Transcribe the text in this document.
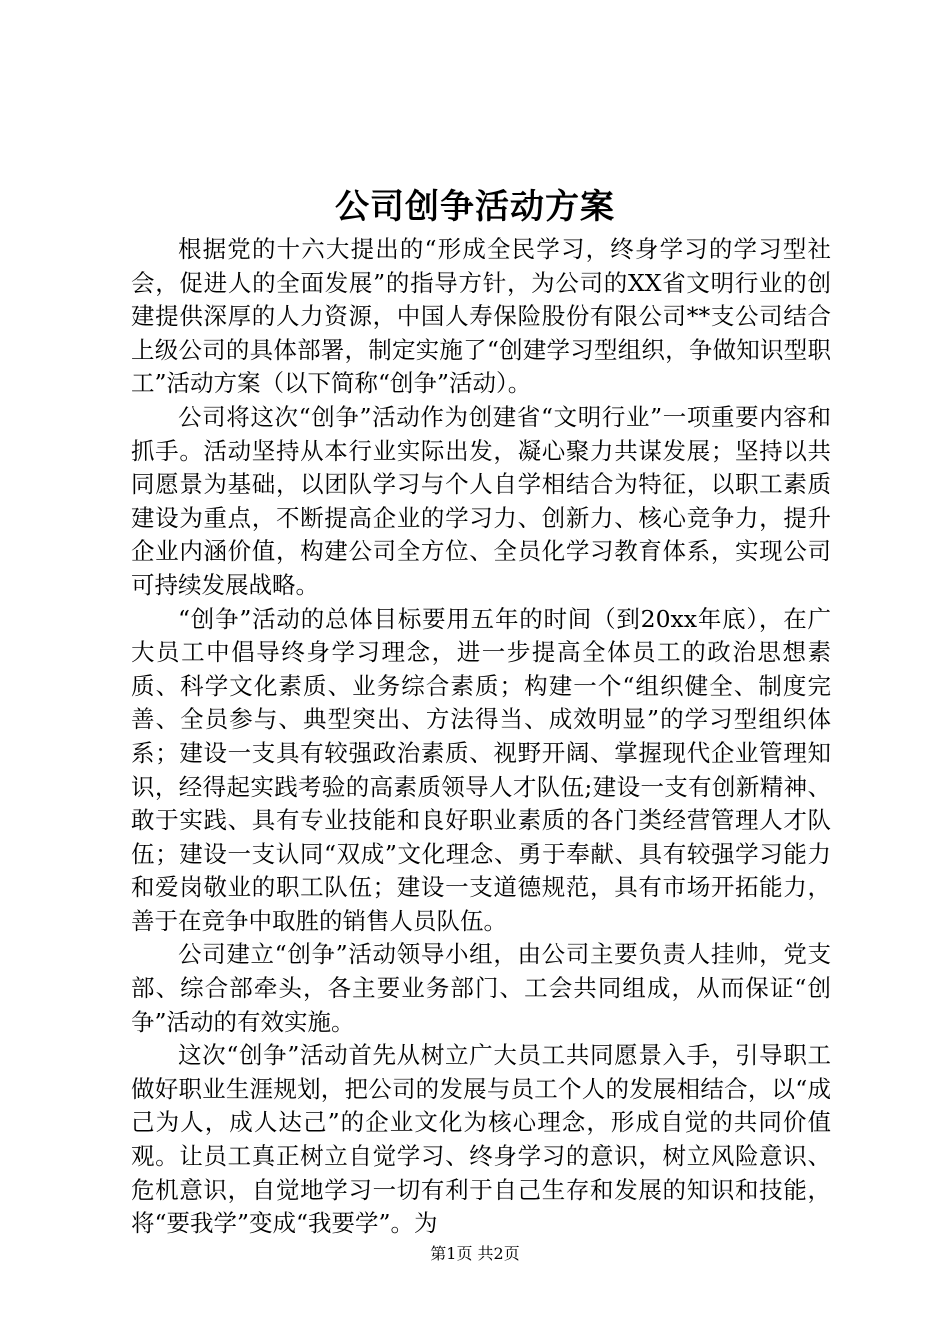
公司创争活动方案

根据党的十六大提出的“形成全民学习，终身学习的学习型社会，促进人的全面发展”的指导方针，为公司的XX省文明行业的创建提供深厚的人力资源，中国人寿保险股份有限公司**支公司结合上级公司的具体部署，制定实施了“创建学习型组织，争做知识型职工”活动方案（以下简称“创争”活动）。

公司将这次“创争”活动作为创建省“文明行业”一项重要内容和抓手。活动坚持从本行业实际出发，凝心聚力共谋发展；坚持以共同愿景为基础，以团队学习与个人自学相结合为特征，以职工素质建设为重点，不断提高企业的学习力、创新力、核心竞争力，提升企业内涵价值，构建公司全方位、全员化学习教育体系，实现公司可持续发展战略。

“创争”活动的总体目标要用五年的时间（到20xx年底），在广大员工中倡导终身学习理念，进一步提高全体员工的政治思想素质、科学文化素质、业务综合素质；构建一个“组织健全、制度完善、全员参与、典型突出、方法得当、成效明显”的学习型组织体系；建设一支具有较强政治素质、视野开阔、掌握现代企业管理知识，经得起实践考验的高素质领导人才队伍;建设一支有创新精神、敢于实践、具有专业技能和良好职业素质的各门类经营管理人才队伍；建设一支认同“双成”文化理念、勇于奉献、具有较强学习能力和爱岗敬业的职工队伍；建设一支道德规范，具有市场开拓能力，善于在竞争中取胜的销售人员队伍。

公司建立“创争”活动领导小组，由公司主要负责人挂帅，党支部、综合部牵头，各主要业务部门、工会共同组成，从而保证“创争”活动的有效实施。

这次“创争”活动首先从树立广大员工共同愿景入手，引导职工做好职业生涯规划，把公司的发展与员工个人的发展相结合，以“成己为人，成人达己”的企业文化为核心理念，形成自觉的共同价值观。让员工真正树立自觉学习、终身学习的意识，树立风险意识、危机意识，自觉地学习一切有利于自己生存和发展的知识和技能，将“要我学”变成“我要学”。为

第1页 共2页
